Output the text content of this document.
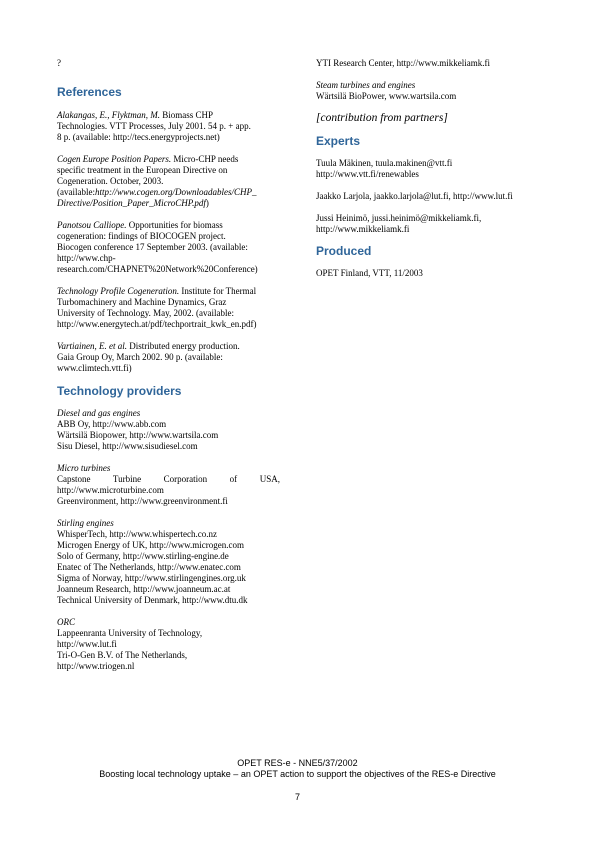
?
References
Alakangas, E., Flyktman, M. Biomass CHP
Technologies. VTT Processes, July 2001. 54 p. + app.
8 p. (available: http://tecs.energyprojects.net)
Cogen Europe Position Papers. Micro-CHP needs
specific treatment in the European Directive on
Cogeneration. October, 2003.
(available:http://www.cogen.org/Downloadables/CHP_
Directive/Position_Paper_MicroCHP.pdf)
Panotsou Calliope. Opportunities for biomass
cogeneration: findings of BIOCOGEN project.
Biocogen conference 17 September 2003. (available:
http://www.chp-
research.com/CHAPNET%20Network%20Conference)
Technology Profile Cogeneration. Institute for Thermal
Turbomachinery and Machine Dynamics, Graz
University of Technology. May, 2002. (available:
http://www.energytech.at/pdf/techportrait_kwk_en.pdf)
Vartiainen, E. et al. Distributed energy production.
Gaia Group Oy, March 2002. 90 p. (available:
www.climtech.vtt.fi)
Technology providers
Diesel and gas engines
ABB Oy, http://www.abb.com
Wärtsilä Biopower, http://www.wartsila.com
Sisu Diesel, http://www.sisudiesel.com
Micro turbines
Capstone Turbine Corporation of USA,
http://www.microturbine.com
Greenvironment, http://www.greenvironment.fi
Stirling engines
WhisperTech, http://www.whispertech.co.nz
Microgen Energy of UK, http://www.microgen.com
Solo of Germany, http://www.stirling-engine.de
Enatec of The Netherlands, http://www.enatec.com
Sigma of Norway, http://www.stirlingengines.org.uk
Joanneum Research, http://www.joanneum.ac.at
Technical University of Denmark, http://www.dtu.dk
ORC
Lappeenranta University of Technology,
http://www.lut.fi
Tri-O-Gen B.V. of The Netherlands,
http://www.triogen.nl
YTI Research Center, http://www.mikkeliamk.fi
Steam turbines and engines
Wärtsilä BioPower, www.wartsila.com
[contribution from partners]
Experts
Tuula Mäkinen, tuula.makinen@vtt.fi
http://www.vtt.fi/renewables
Jaakko Larjola, jaakko.larjola@lut.fi, http://www.lut.fi
Jussi Heinimö, jussi.heinimö@mikkeliamk.fi,
http://www.mikkeliamk.fi
Produced
OPET Finland, VTT, 11/2003
OPET RES-e - NNE5/37/2002
Boosting local technology uptake – an OPET action to support the objectives of the RES-e Directive
7
